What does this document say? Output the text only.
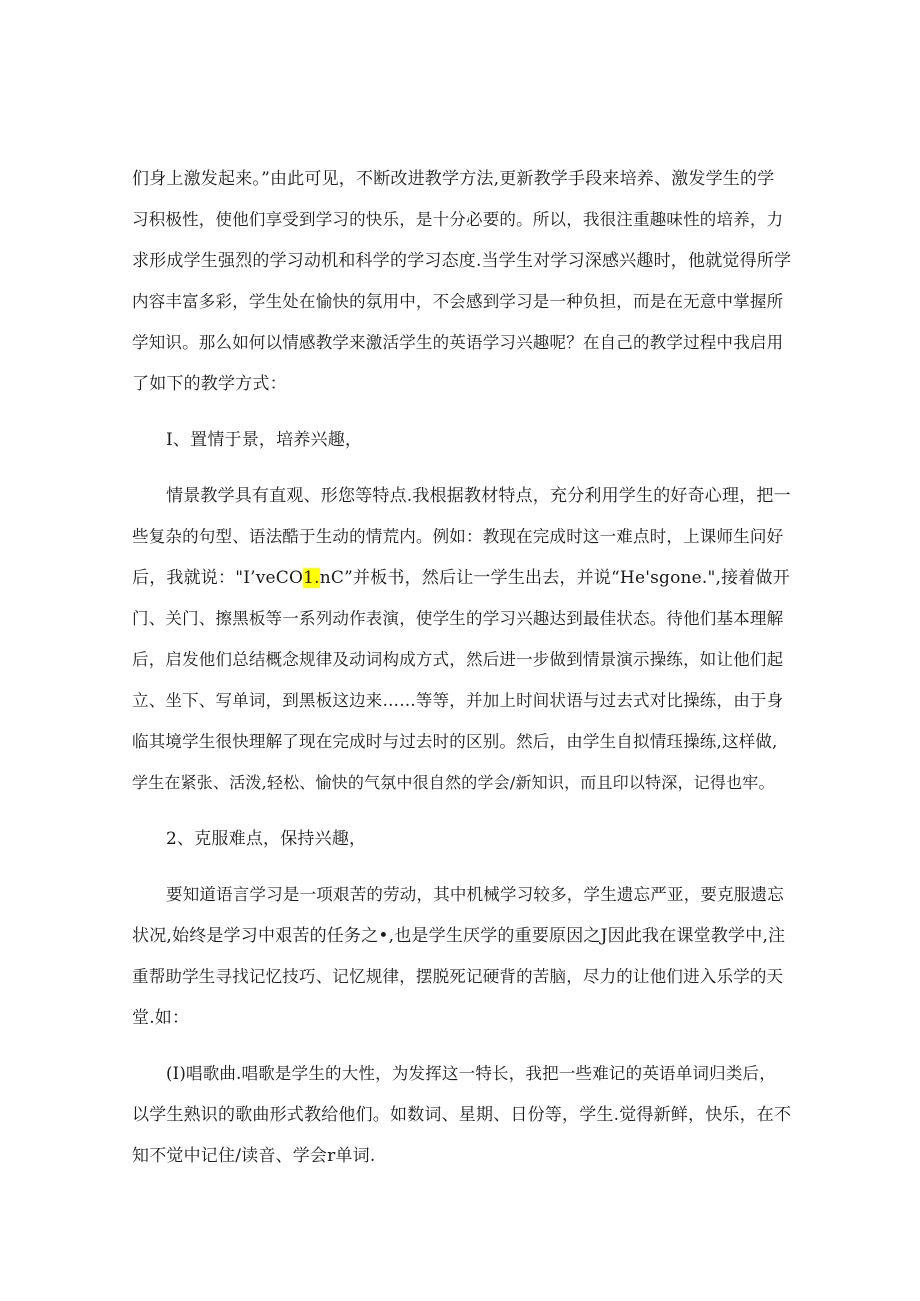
们身上激发起来。”由此可见，不断改进教学方法,更新教学手段来培养、激发学生的学
习积极性，使他们享受到学习的快乐，是十分必要的。所以，我很注重趣味性的培养，力
求形成学生强烈的学习动机和科学的学习态度.当学生对学习深感兴趣时，他就觉得所学
内容丰富多彩，学生处在愉快的氛用中，不会感到学习是一种负担，而是在无意中掌握所
学知识。那么如何以情感教学来激活学生的英语学习兴趣呢？在自己的教学过程中我启用
了如下的教学方式：
I、置情于景，培养兴趣，
情景教学具有直观、形您等特点.我根据教材特点，充分利用学生的好奇心理，把一
些复杂的句型、语法酷于生动的情荒内。例如：教现在完成时这一难点时，上课师生问好
后，我就说："I’veCO1.nC”并板书，然后让一学生出去，并说“He'sgone.",接着做开
门、关门、擦黑板等一系列动作表演，使学生的学习兴趣达到最佳状态。待他们基本理解
后，启发他们总结概念规律及动词构成方式，然后进一步做到情景演示操练，如让他们起
立、坐下、写单词，到黑板这边来……等等，并加上时间状语与过去式对比操练，由于身
临其境学生很快理解了现在完成时与过去时的区别。然后，由学生自拟情珏操练,这样做,
学生在紧张、活泼,轻松、愉快的气氛中很自然的学会/新知识，而且印以特深，记得也牢。
2、克服难点，保持兴趣，
要知道语言学习是一项艰苦的劳动，其中机械学习较多，学生遗忘严亚，要克服遗忘
状况,始终是学习中艰苦的任务之•,也是学生厌学的重要原因之J因此我在课堂教学中,注
重帮助学生寻找记忆技巧、记忆规律，摆脱死记硬背的苦脑，尽力的让他们进入乐学的天
堂.如：
(I)唱歌曲.唱歌是学生的大性，为发挥这一特长，我把一些难记的英语单词归类后，
以学生熟识的歌曲形式教给他们。如数词、星期、日份等，学生.觉得新鲜，快乐，在不
知不觉中记住/读音、学会r单词.
